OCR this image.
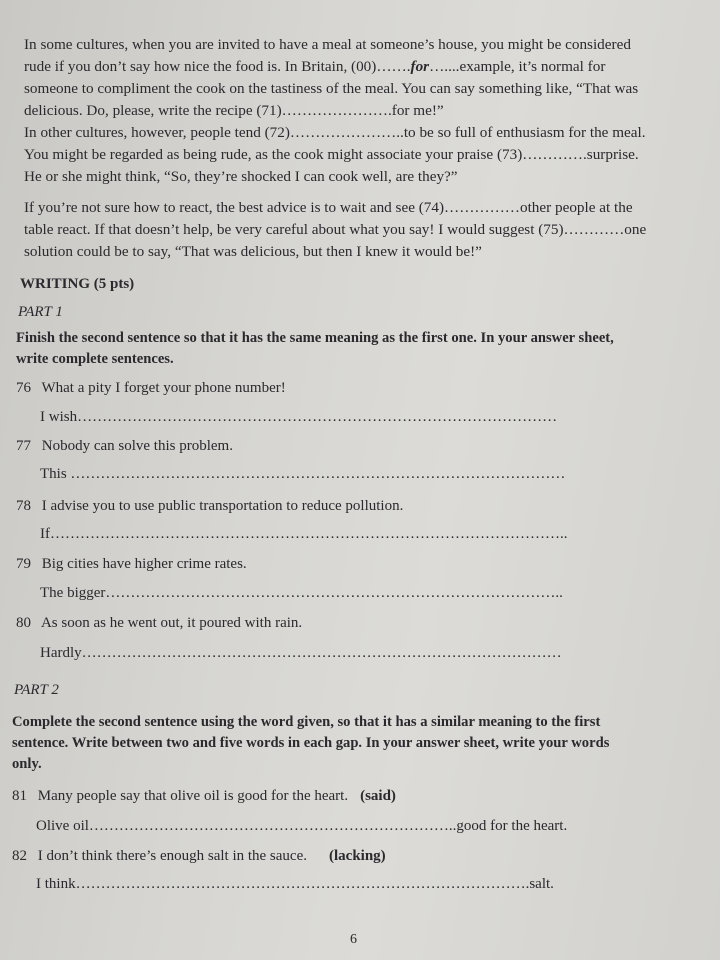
In some cultures, when you are invited to have a meal at someone’s house, you might be considered
rude if you don’t say how nice the food is. In Britain, (00)…….for…....example, it’s normal for
someone to compliment the cook on the tastiness of the meal. You can say something like, “That was
delicious. Do, please, write the recipe (71)………………….for me!”
In other cultures, however, people tend (72)…………………..to be so full of enthusiasm for the meal.
You might be regarded as being rude, as the cook might associate your praise (73)………….surprise.
He or she might think, “So, they’re shocked I can cook well, are they?”
If you’re not sure how to react, the best advice is to wait and see (74)……………other people at the
table react. If that doesn’t help, be very careful about what you say! I would suggest (75)…………one
solution could be to say, “That was delicious, but then I knew it would be!”

WRITING (5 pts)

PART 1

Finish the second sentence so that it has the same meaning as the first one. In your answer sheet,
write complete sentences.

76 What a pity I forget your phone number!

I wish……………………………………………………………………………………

77 Nobody can solve this problem.

This ………………………………………………………………………………………

78 I advise you to use public transportation to reduce pollution.

If…………………………………………………………………………………………..

79 Big cities have higher crime rates.

The bigger………………………………………………………………………………..

80 As soon as he went out, it poured with rain.

Hardly……………………………………………………………………………………

PART 2

Complete the second sentence using the word given, so that it has a similar meaning to the first
sentence. Write between two and five words in each gap. In your answer sheet, write your words
only.

81 Many people say that olive oil is good for the heart. (said)

Olive oil………………………………………………………………..good for the heart.

82 I don’t think there’s enough salt in the sauce. (lacking)

I think……………………………………………………………………………….salt.

6
